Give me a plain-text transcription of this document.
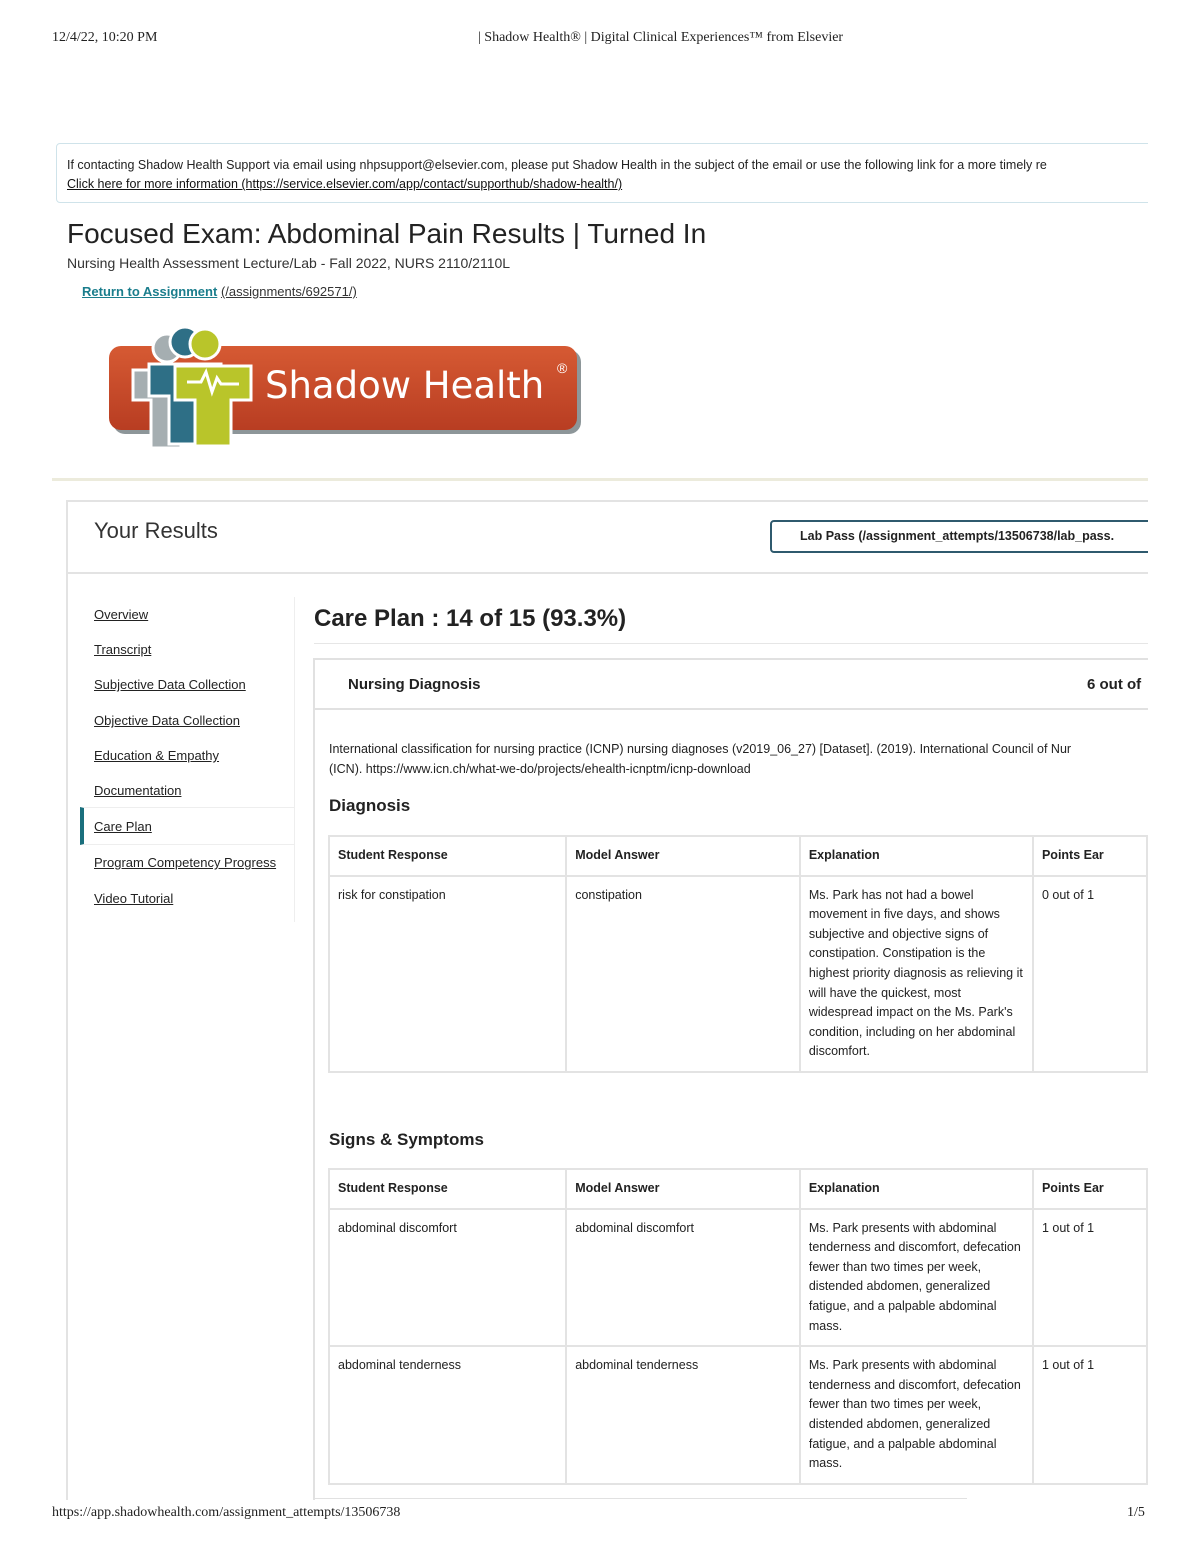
12/4/22, 10:20 PM	| Shadow Health® | Digital Clinical Experiences™ from Elsevier
If contacting Shadow Health Support via email using nhpsupport@elsevier.com, please put Shadow Health in the subject of the email or use the following link for a more timely re
Click here for more information (https://service.elsevier.com/app/contact/supporthub/shadow-health/)
Focused Exam: Abdominal Pain Results | Turned In
Nursing Health Assessment Lecture/Lab - Fall 2022, NURS 2110/2110L
Return to Assignment (/assignments/692571/)
Shadow Health ®
Your Results	Lab Pass (/assignment_attempts/13506738/lab_pass.
Overview
Transcript
Subjective Data Collection
Objective Data Collection
Education & Empathy
Documentation
Care Plan
Program Competency Progress
Video Tutorial
Care Plan : 14 of 15 (93.3%)
Nursing Diagnosis	6 out of
International classification for nursing practice (ICNP) nursing diagnoses (v2019_06_27) [Dataset]. (2019). International Council of Nur
(ICN). https://www.icn.ch/what-we-do/projects/ehealth-icnptm/icnp-download
Diagnosis
Student Response	Model Answer	Explanation	Points Ear
risk for constipation	constipation	Ms. Park has not had a bowel movement in five days, and shows subjective and objective signs of constipation. Constipation is the highest priority diagnosis as relieving it will have the quickest, most widespread impact on the Ms. Park's condition, including on her abdominal discomfort.	0 out of 1
Signs & Symptoms
Student Response	Model Answer	Explanation	Points Ear
abdominal discomfort	abdominal discomfort	Ms. Park presents with abdominal tenderness and discomfort, defecation fewer than two times per week, distended abdomen, generalized fatigue, and a palpable abdominal mass.	1 out of 1
abdominal tenderness	abdominal tenderness	Ms. Park presents with abdominal tenderness and discomfort, defecation fewer than two times per week, distended abdomen, generalized fatigue, and a palpable abdominal mass.	1 out of 1
https://app.shadowhealth.com/assignment_attempts/13506738	1/5
